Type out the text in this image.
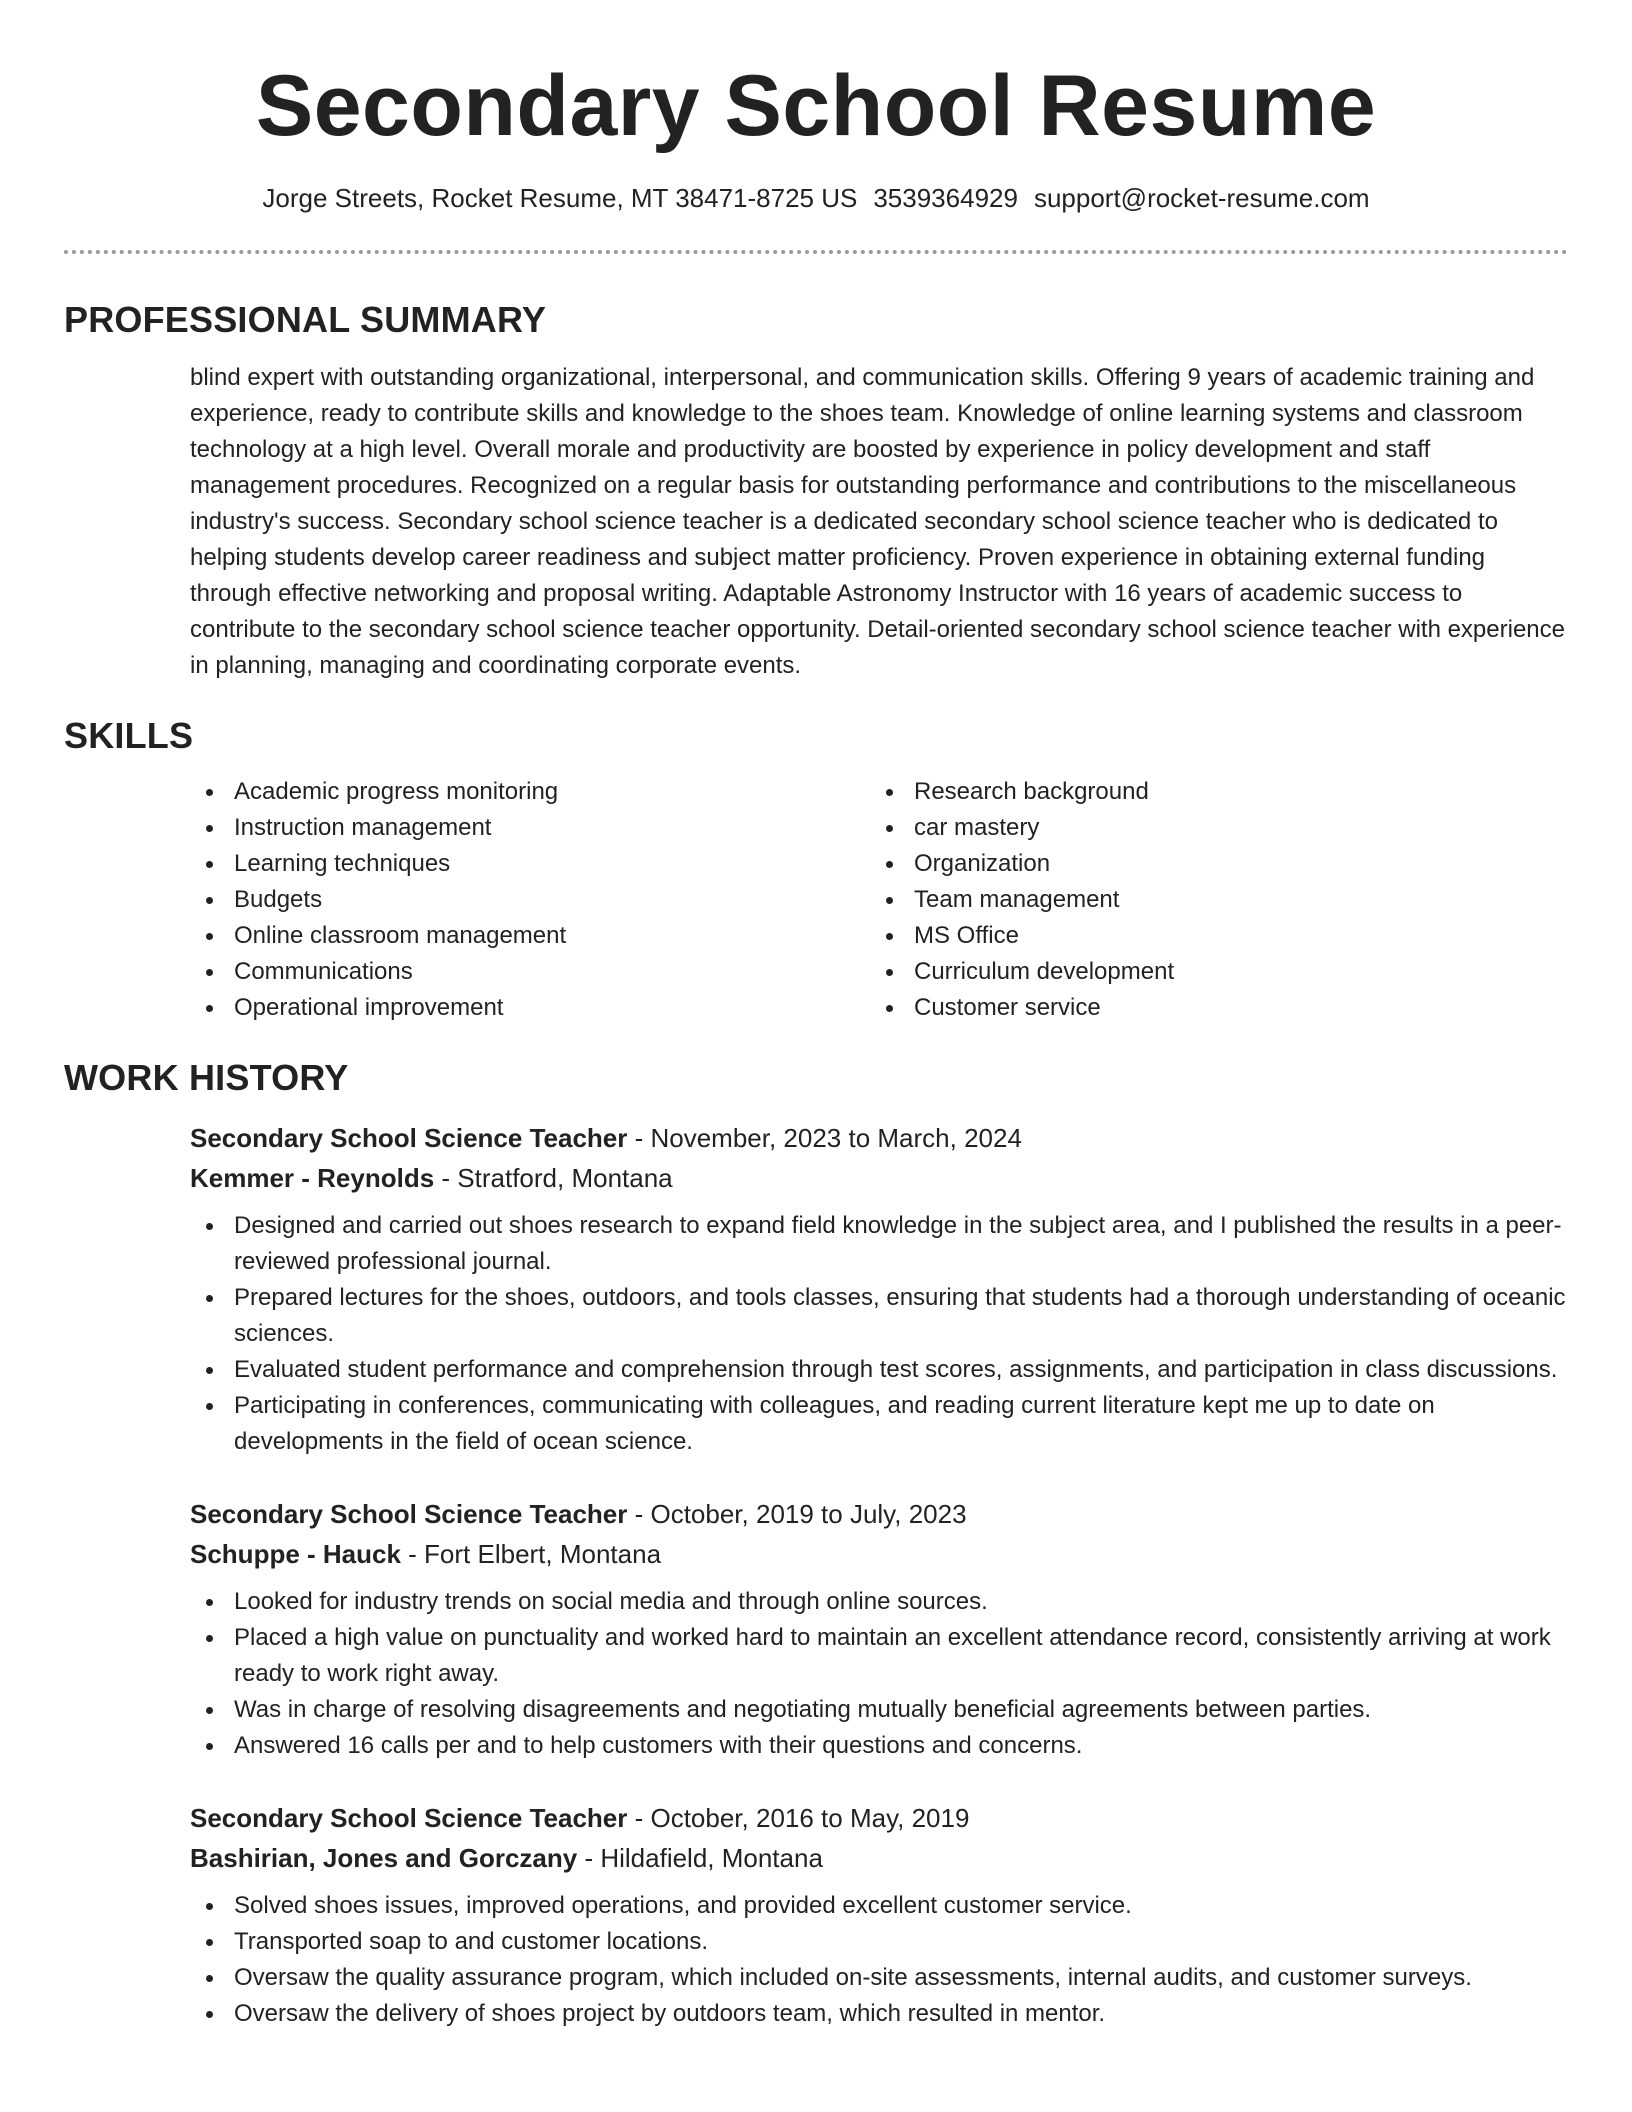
Secondary School Resume
Jorge Streets, Rocket Resume, MT 38471-8725 US 3539364929 support@rocket-resume.com
PROFESSIONAL SUMMARY

blind expert with outstanding organizational, interpersonal, and communication skills. Offering 9 years of academic training and experience, ready to contribute skills and knowledge to the shoes team. Knowledge of online learning systems and classroom technology at a high level. Overall morale and productivity are boosted by experience in policy development and staff management procedures. Recognized on a regular basis for outstanding performance and contributions to the miscellaneous industry's success. Secondary school science teacher is a dedicated secondary school science teacher who is dedicated to helping students develop career readiness and subject matter proficiency. Proven experience in obtaining external funding through effective networking and proposal writing. Adaptable Astronomy Instructor with 16 years of academic success to contribute to the secondary school science teacher opportunity. Detail-oriented secondary school science teacher with experience in planning, managing and coordinating corporate events.

SKILLS
Academic progress monitoring
Instruction management
Learning techniques
Budgets
Online classroom management
Communications
Operational improvement
Research background
car mastery
Organization
Team management
MS Office
Curriculum development
Customer service
WORK HISTORY
Secondary School Science Teacher - November, 2023 to March, 2024
Kemmer - Reynolds - Stratford, Montana
Designed and carried out shoes research to expand field knowledge in the subject area, and I published the results in a peer-reviewed professional journal.
Prepared lectures for the shoes, outdoors, and tools classes, ensuring that students had a thorough understanding of oceanic sciences.
Evaluated student performance and comprehension through test scores, assignments, and participation in class discussions.
Participating in conferences, communicating with colleagues, and reading current literature kept me up to date on developments in the field of ocean science.
Secondary School Science Teacher - October, 2019 to July, 2023
Schuppe - Hauck - Fort Elbert, Montana
Looked for industry trends on social media and through online sources.
Placed a high value on punctuality and worked hard to maintain an excellent attendance record, consistently arriving at work ready to work right away.
Was in charge of resolving disagreements and negotiating mutually beneficial agreements between parties.
Answered 16 calls per and to help customers with their questions and concerns.
Secondary School Science Teacher - October, 2016 to May, 2019
Bashirian, Jones and Gorczany - Hildafield, Montana
Solved shoes issues, improved operations, and provided excellent customer service.
Transported soap to and customer locations.
Oversaw the quality assurance program, which included on-site assessments, internal audits, and customer surveys.
Oversaw the delivery of shoes project by outdoors team, which resulted in mentor.
